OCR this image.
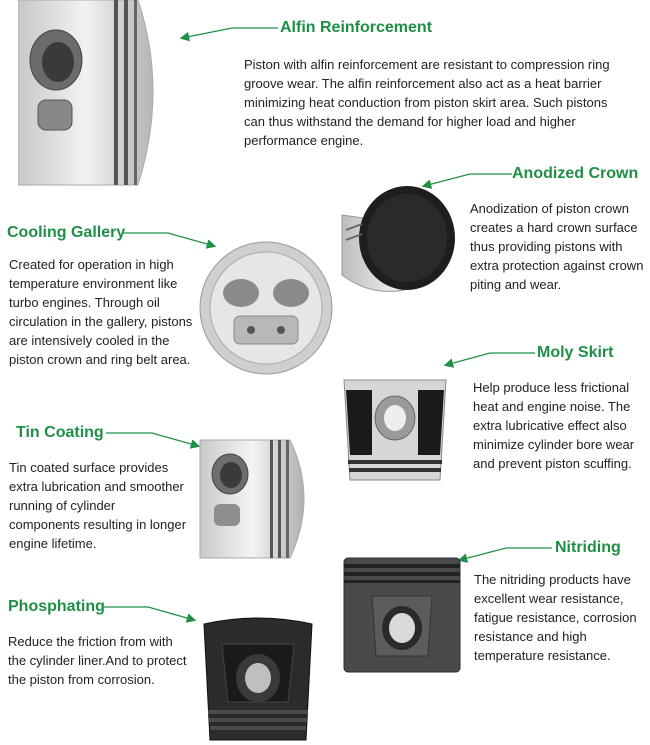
Alfin Reinforcement
Piston with alfin reinforcement are resistant to compression ring groove wear. The alfin reinforcement also act as a heat barrier minimizing heat conduction from piston skirt area. Such pistons can thus withstand the demand for higher load and higher performance engine.
Anodized Crown
Anodization of piston crown creates a hard crown surface thus providing pistons with extra protection against crown piting and wear.
Cooling Gallery
Created for operation in high temperature environment like turbo engines. Through oil circulation in the gallery, pistons are intensively cooled in the piston crown and ring belt area.	Moly Skirt
Help produce less frictional heat and engine noise. The extra lubricative effect also minimize cylinder bore wear and prevent piston scuffing.
Tin Coating
Tin coated surface provides extra lubrication and smoother running of cylinder components resulting in longer engine lifetime.	Nitriding
The nitriding products have excellent wear resistance, fatigue resistance, corrosion resistance and high temperature resistance.
Phosphating
Reduce the friction from with the cylinder liner.And to protect the piston from corrosion.
